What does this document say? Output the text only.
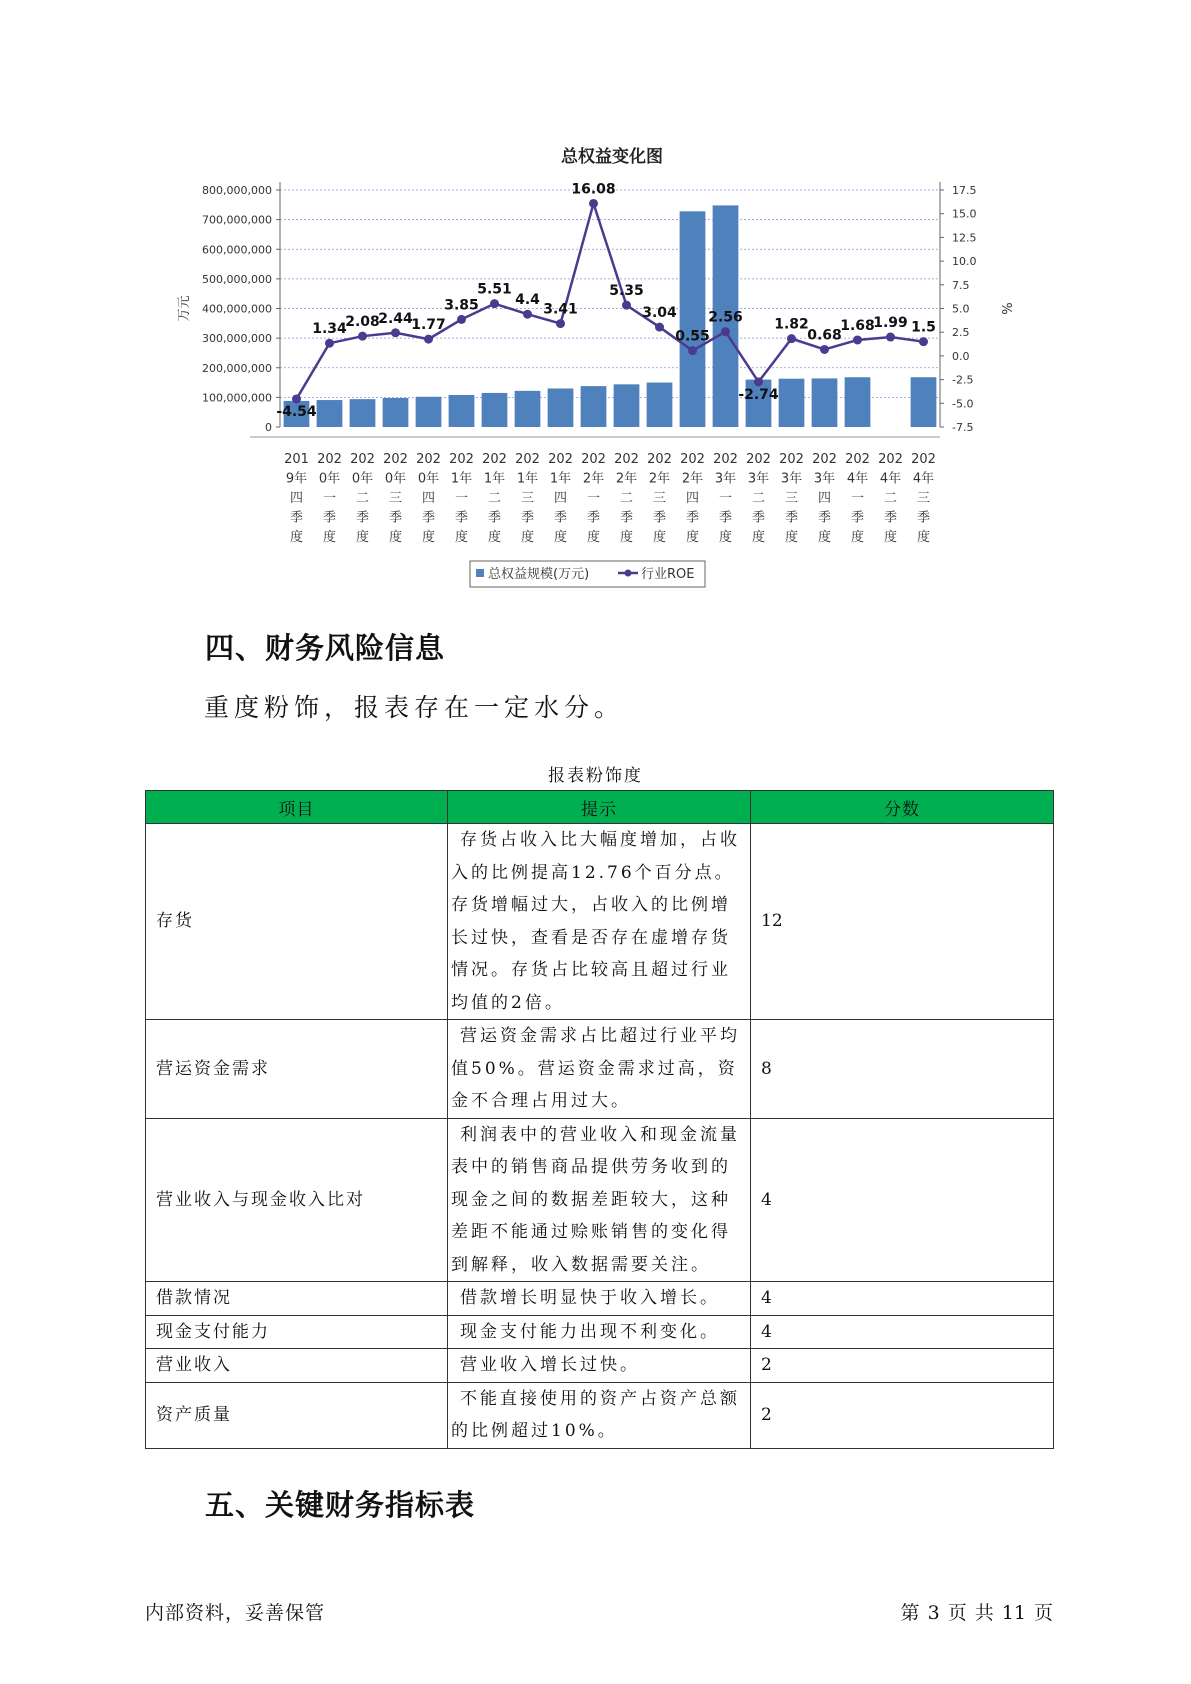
总权益变化图
0
100,000,000
200,000,000
300,000,000
400,000,000
500,000,000
600,000,000
700,000,000
800,000,000
-7.5
-5.0
-2.5
0.0
2.5
5.0
7.5
10.0
12.5
15.0
17.5
万元	%
-4.54
1.34
2.08
2.44
1.77
3.85
5.51
4.4
3.41
16.08
5.35
3.04
0.55
2.56
-2.74
1.82
0.68
1.68
1.99 1.5
201
9年
四
季
度
202
0年
一
季
度
202
0年
二
季
度
202
0年
三
季
度
202
0年
四
季
度
202
1年
一
季
度
202
1年
二
季
度
202
1年
三
季
度
202
1年
四
季
度
202
2年
一
季
度
202
2年
二
季
度
202
2年
三
季
度
202
2年
四
季
度
202
3年
一
季
度
202
3年
二
季
度
202
3年
三
季
度
202
3年
四
季
度
202
4年
一
季
度
202
4年
二
季
度
202
4年
三
季
度
总权益规模(万元)	行业ROE
四、财务风险信息

重度粉饰，报表存在一定水分。

报表粉饰度
项目	提示	分数
存货	存货占收入比大幅度增加，占收入的比例提高12.76个百分点。存货增幅过大，占收入的比例增长过快，查看是否存在虚增存货情况。存货占比较高且超过行业均值的2倍。	12
营运资金需求	营运资金需求占比超过行业平均值50%。营运资金需求过高，资金不合理占用过大。	8
营业收入与现金收入比对	利润表中的营业收入和现金流量表中的销售商品提供劳务收到的现金之间的数据差距较大，这种差距不能通过赊账销售的变化得到解释，收入数据需要关注。	4
借款情况	借款增长明显快于收入增长。	4
现金支付能力	现金支付能力出现不利变化。	4
营业收入	营业收入增长过快。	2
资产质量	不能直接使用的资产占资产总额的比例超过10%。	2
五、关键财务指标表
内部资料，妥善保管	第 3 页 共 11 页
